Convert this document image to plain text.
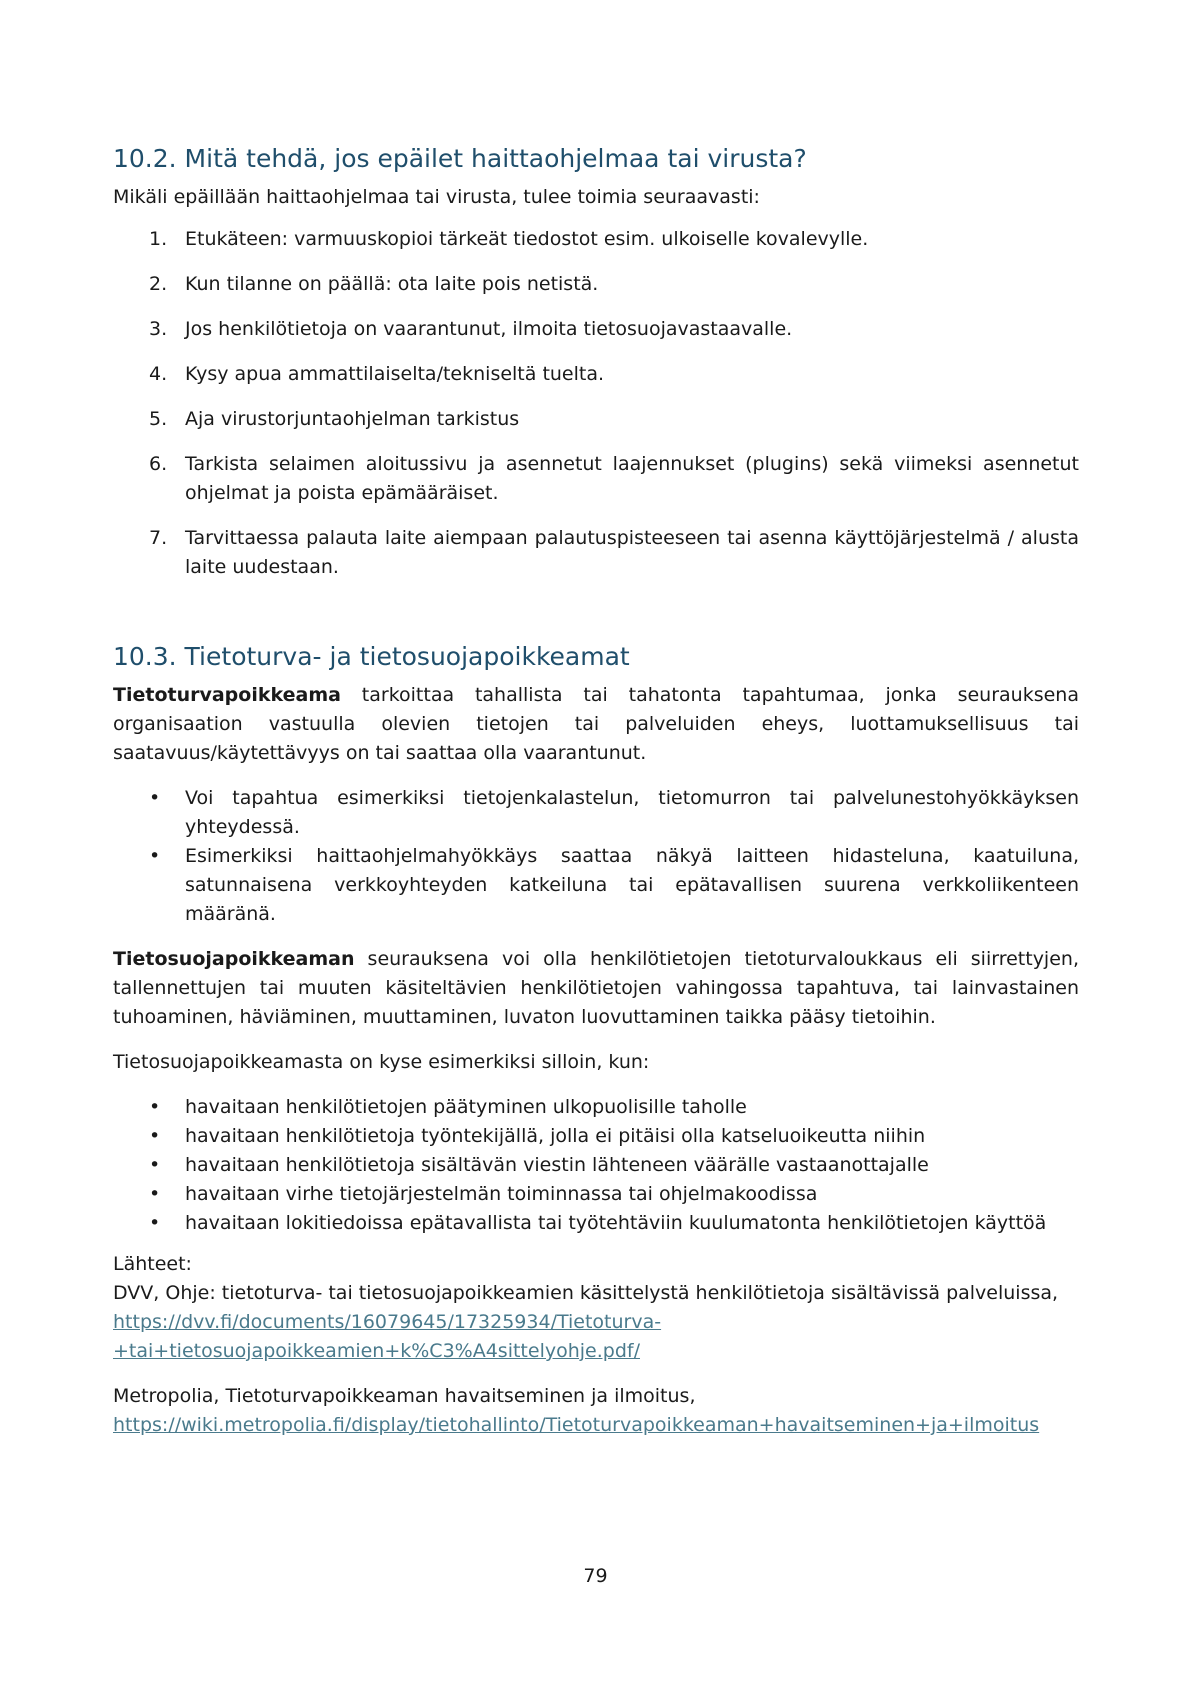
10.2. Mitä tehdä, jos epäilet haittaohjelmaa tai virusta?

Mikäli epäillään haittaohjelmaa tai virusta, tulee toimia seuraavasti:

1. Etukäteen: varmuuskopioi tärkeät tiedostot esim. ulkoiselle kovalevylle.
2. Kun tilanne on päällä: ota laite pois netistä.
3. Jos henkilötietoja on vaarantunut, ilmoita tietosuojavastaavalle.
4. Kysy apua ammattilaiselta/tekniseltä tuelta.
5. Aja virustorjuntaohjelman tarkistus
6. Tarkista selaimen aloitussivu ja asennetut laajennukset (plugins) sekä viimeksi asennetut ohjelmat ja poista epämääräiset.
7. Tarvittaessa palauta laite aiempaan palautuspisteeseen tai asenna käyttöjärjestelmä / alusta laite uudestaan.
10.3. Tietoturva- ja tietosuojapoikkeamat

Tietoturvapoikkeama tarkoittaa tahallista tai tahatonta tapahtumaa, jonka seurauksena organisaation vastuulla olevien tietojen tai palveluiden eheys, luottamuksellisuus tai saatavuus/käytettävyys on tai saattaa olla vaarantunut.

•	Voi tapahtua esimerkiksi tietojenkalastelun, tietomurron tai palvelunestohyökkäyksen yhteydessä.
•	Esimerkiksi haittaohjelmahyökkäys saattaa näkyä laitteen hidasteluna, kaatuiluna, satunnaisena verkkoyhteyden katkeiluna tai epätavallisen suurena verkkoliikenteen määränä.

Tietosuojapoikkeaman seurauksena voi olla henkilötietojen tietoturvaloukkaus eli siirrettyjen, tallennettujen tai muuten käsiteltävien henkilötietojen vahingossa tapahtuva, tai lainvastainen tuhoaminen, häviäminen, muuttaminen, luvaton luovuttaminen taikka pääsy tietoihin.

Tietosuojapoikkeamasta on kyse esimerkiksi silloin, kun:

•	havaitaan henkilötietojen päätyminen ulkopuolisille taholle
•	havaitaan henkilötietoja työntekijällä, jolla ei pitäisi olla katseluoikeutta niihin
•	havaitaan henkilötietoja sisältävän viestin lähteneen väärälle vastaanottajalle
•	havaitaan virhe tietojärjestelmän toiminnassa tai ohjelmakoodissa
•	havaitaan lokitiedoissa epätavallista tai työtehtäviin kuulumatonta henkilötietojen käyttöä

Lähteet:

DVV, Ohje: tietoturva- tai tietosuojapoikkeamien käsittelystä henkilötietoja sisältävissä palveluissa,

https://dvv.fi/documents/16079645/17325934/Tietoturva-
+tai+tietosuojapoikkeamien+k%C3%A4sittelyohje.pdf/

Metropolia, Tietoturvapoikkeaman havaitseminen ja ilmoitus,

https://wiki.metropolia.fi/display/tietohallinto/Tietoturvapoikkeaman+havaitseminen+ja+ilmoitus

79
